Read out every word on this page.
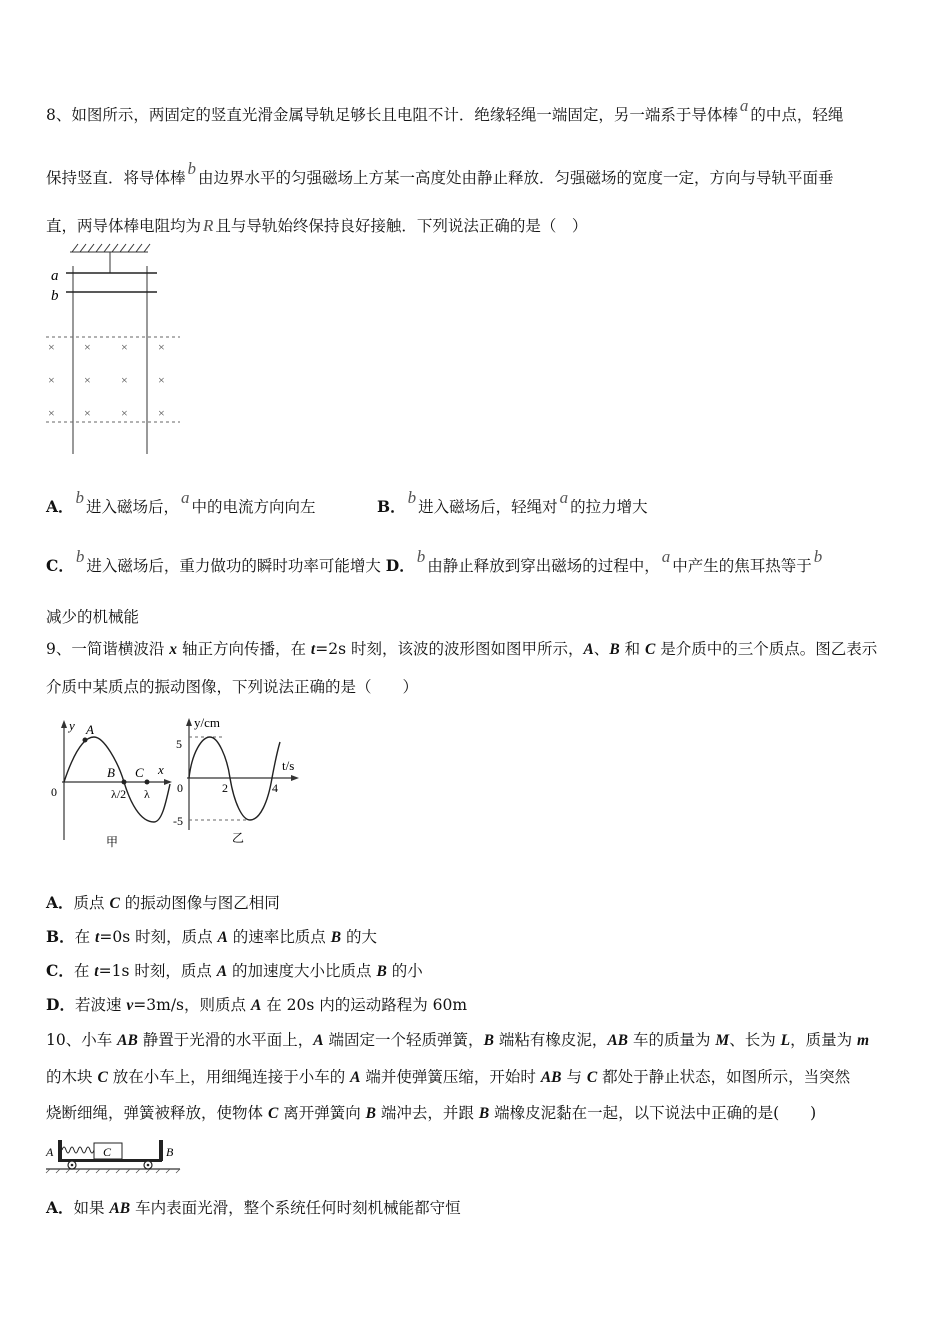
8、如图所示，两固定的竖直光滑金属导轨足够长且电阻不计．绝缘轻绳一端固定，另一端系于导体棒 a 的中点，轻绳
保持竖直．将导体棒 b 由边界水平的匀强磁场上方某一高度处由静止释放．匀强磁场的宽度一定，方向与导轨平面垂
直，两导体棒电阻均为 R 且与导轨始终保持良好接触．下列说法正确的是（　）
a
b
× ×	×	×
× ×	×	×
× ×	×	×
A． b 进入磁场后， a 中的电流方向向左	B． b 进入磁场后，轻绳对 a 的拉力增大
C． b 进入磁场后，重力做功的瞬时功率可能增大 D． b 由静止释放到穿出磁场的过程中， a 中产生的焦耳热等于 b
减少的机械能
9、一简谐横波沿 x 轴正方向传播，在 t=2s 时刻，该波的波形图如图甲所示，A、B 和 C 是介质中的三个质点。图乙表示
介质中某质点的振动图像，下列说法正确的是（　　）
y A
B C x
0	λ/2 λ
甲
y/cm
5
-5
0	2	4
t/s
乙
A．质点 C 的振动图像与图乙相同
B．在 t=0s 时刻，质点 A 的速率比质点 B 的大
C．在 t=1s 时刻，质点 A 的加速度大小比质点 B 的小
D．若波速 v=3m/s，则质点 A 在 20s 内的运动路程为 60m
10、小车 AB 静置于光滑的水平面上，A 端固定一个轻质弹簧，B 端粘有橡皮泥，AB 车的质量为 M、长为 L，质量为 m
的木块 C 放在小车上，用细绳连接于小车的 A 端并使弹簧压缩，开始时 AB 与 C 都处于静止状态，如图所示，当突然
烧断细绳，弹簧被释放，使物体 C 离开弹簧向 B 端冲去，并跟 B 端橡皮泥黏在一起，以下说法中正确的是(　　)
A	C	B
A．如果 AB 车内表面光滑，整个系统任何时刻机械能都守恒
